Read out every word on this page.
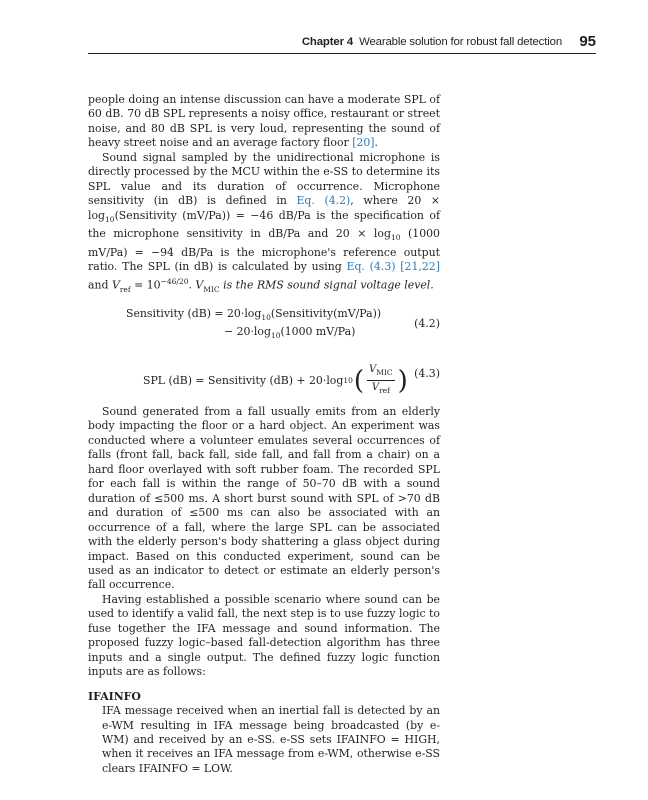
Chapter 4 Wearable solution for robust fall detection 95

people doing an intense discussion can have a moderate SPL of 60 dB. 70 dB SPL represents a noisy office, restaurant or street noise, and 80 dB SPL is very loud, representing the sound of heavy street noise and an average factory floor [20].

Sound signal sampled by the unidirectional microphone is directly processed by the MCU within the e-SS to determine its SPL value and its duration of occurrence. Microphone sensitivity (in dB) is defined in Eq. (4.2), where $20 \times \log_{10}(Sensitivity$ (mV/Pa)) = −46 dB/Pa is the specification of the microphone sensitivity in dB/Pa and $20 \times \log_{10} (1000$ mV/Pa) = −94 dB/Pa is the microphone's reference output ratio. The SPL (in dB) is calculated by using Eq. (4.3) [21,22] and $V_{ref} = 10^{-46/20}$. $V_{MIC}$ is the RMS sound signal voltage level.

Sensitivity $(dB) = 20\cdot\log_{10}(Sensitivity(mV/Pa))$
− $20\cdot\log_{10}(1000$ mV/Pa)
(4.2)
SPL (dB) = Sensitivity (dB) + 20·log 10 ( $\frac{V_{MIC}}{V_{ref}}$ ) (4.3)

Sound generated from a fall usually emits from an elderly body impacting the floor or a hard object. An experiment was conducted where a volunteer emulates several occurrences of falls (front fall, back fall, side fall, and fall from a chair) on a hard floor overlayed with soft rubber foam. The recorded SPL for each fall is within the range of 50–70 dB with a sound duration of ≤500 ms. A short burst sound with SPL of >70 dB and duration of ≤500 ms can also be associated with an occurrence of a fall, where the large SPL can be associated with the elderly person's body shattering a glass object during impact. Based on this conducted experiment, sound can be used as an indicator to detect or estimate an elderly person's fall occurrence.

Having established a possible scenario where sound can be used to identify a valid fall, the next step is to use fuzzy logic to fuse together the IFA message and sound information. The proposed fuzzy logic–based fall-detection algorithm has three inputs and a single output. The defined fuzzy logic function inputs are as follows:

IFAINFO

IFA message received when an inertial fall is detected by an e-WM resulting in IFA message being broadcasted (by e-WM) and received by an e-SS. e-SS sets IFAINFO = HIGH, when it receives an IFA message from e-WM, otherwise e-SS clears IFAINFO = LOW.
